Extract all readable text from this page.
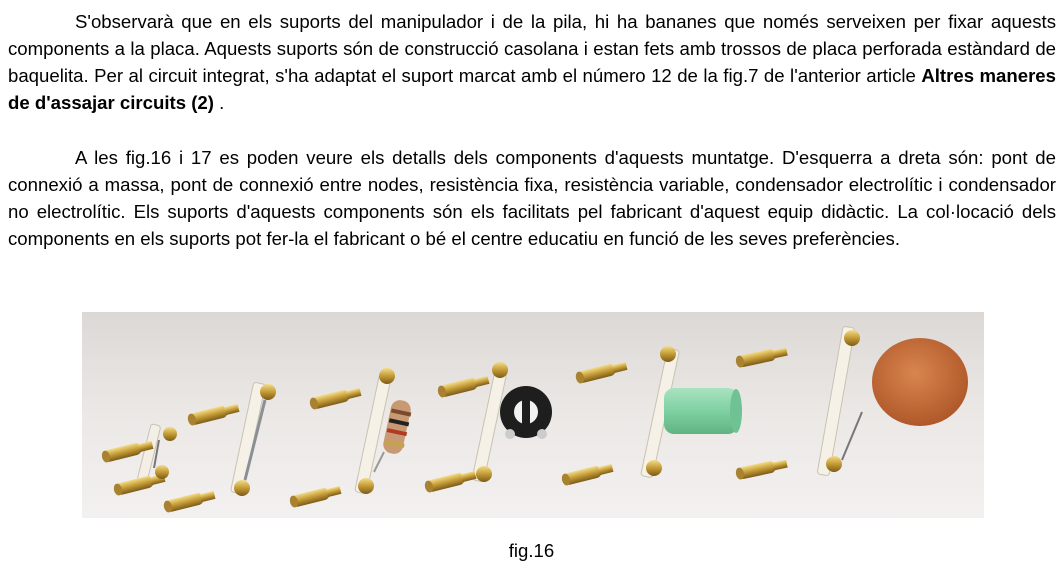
S'observarà que en els suports del manipulador i de la pila, hi ha bananes que només serveixen per fixar aquests components a la placa. Aquests suports són de construcció casolana i estan fets amb trossos de placa perforada estàndard de baquelita. Per al circuit integrat, s'ha adaptat el suport marcat amb el número 12 de la fig.7 de l'anterior article Altres maneres de d'assajar circuits (2) .

A les fig.16 i 17 es poden veure els detalls dels components d'aquests muntatge. D'esquerra a dreta són: pont de connexió a massa, pont de connexió entre nodes, resistència fixa, resistència variable, condensador electrolític i condensador no electrolític. Els suports d'aquests components són els facilitats pel fabricant d'aquest equip didàctic. La col·locació dels components en els suports pot fer-la el fabricant o bé el centre educatiu en funció de les seves preferències.

fig.16
